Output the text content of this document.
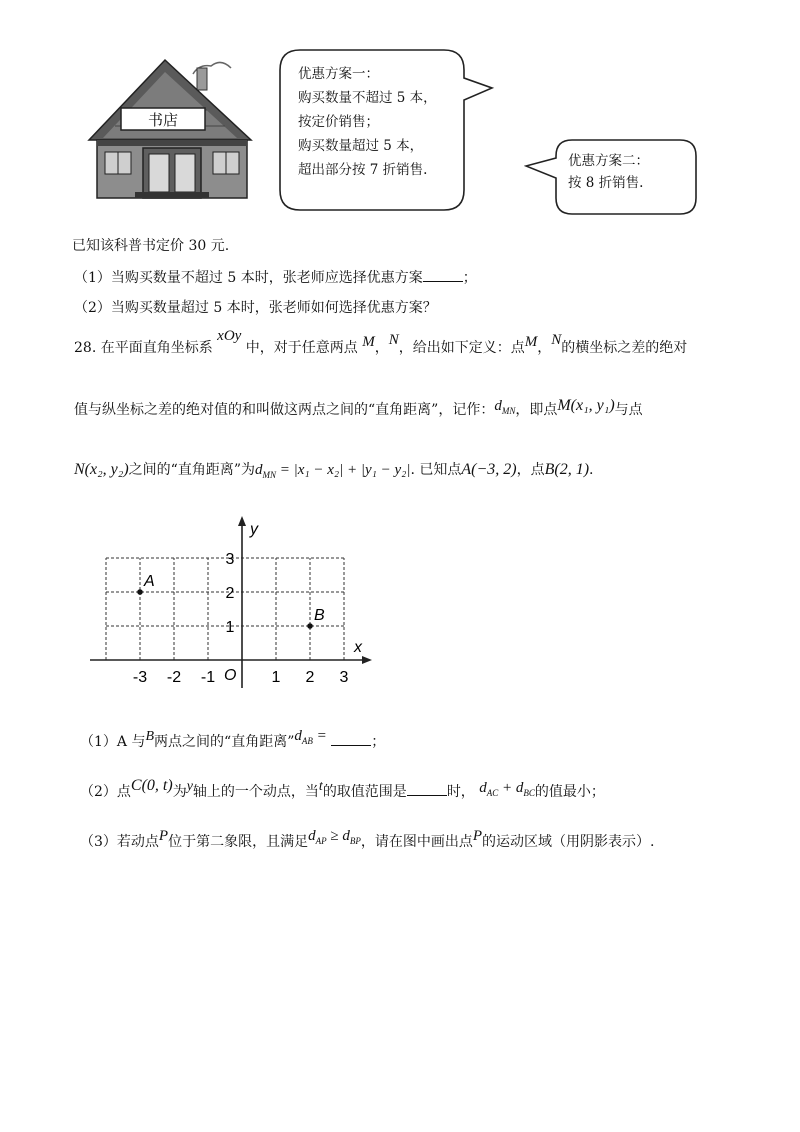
书店
优惠方案一：
购买数量不超过 5 本，
按定价销售；
购买数量超过 5 本，
超出部分按 7 折销售.
优惠方案二：
按 8 折销售.
已知该科普书定价 30 元.
（1）当购买数量不超过 5 本时，张老师应选择优惠方案	；
（2）当购买数量超过 5 本时，张老师如何选择优惠方案？
28. 在平面直角坐标系 xOy 中，对于任意两点 M，N，给出如下定义：点M，N的横坐标之差的绝对
值与纵坐标之差的绝对值的和叫做这两点之间的“直角距离”，记作：$d_{MN}$，即点M(x₁, y₁)与点
N(x₂, y₂)之间的“直角距离”为$d_{MN} = |x_1 - x_2| + |y_1 - y_2|$. 已知点A(−3, 2)，点B(2, 1).
x
y
O
-3 -2 -1	1 2 3
1
2
3
A
B
（1）A 与B两点之间的“直角距离$”d_{AB}$ =	；
（2）点C(0, t)为y轴上的一个动点，当t的取值范围是	时， $d_{AC} + d_{BC}$的值最小；
（3）若动点P位于第二象限，且满足$d_{AP} \ge d_{BP}$，请在图中画出点P的运动区域（用阴影表示）.
